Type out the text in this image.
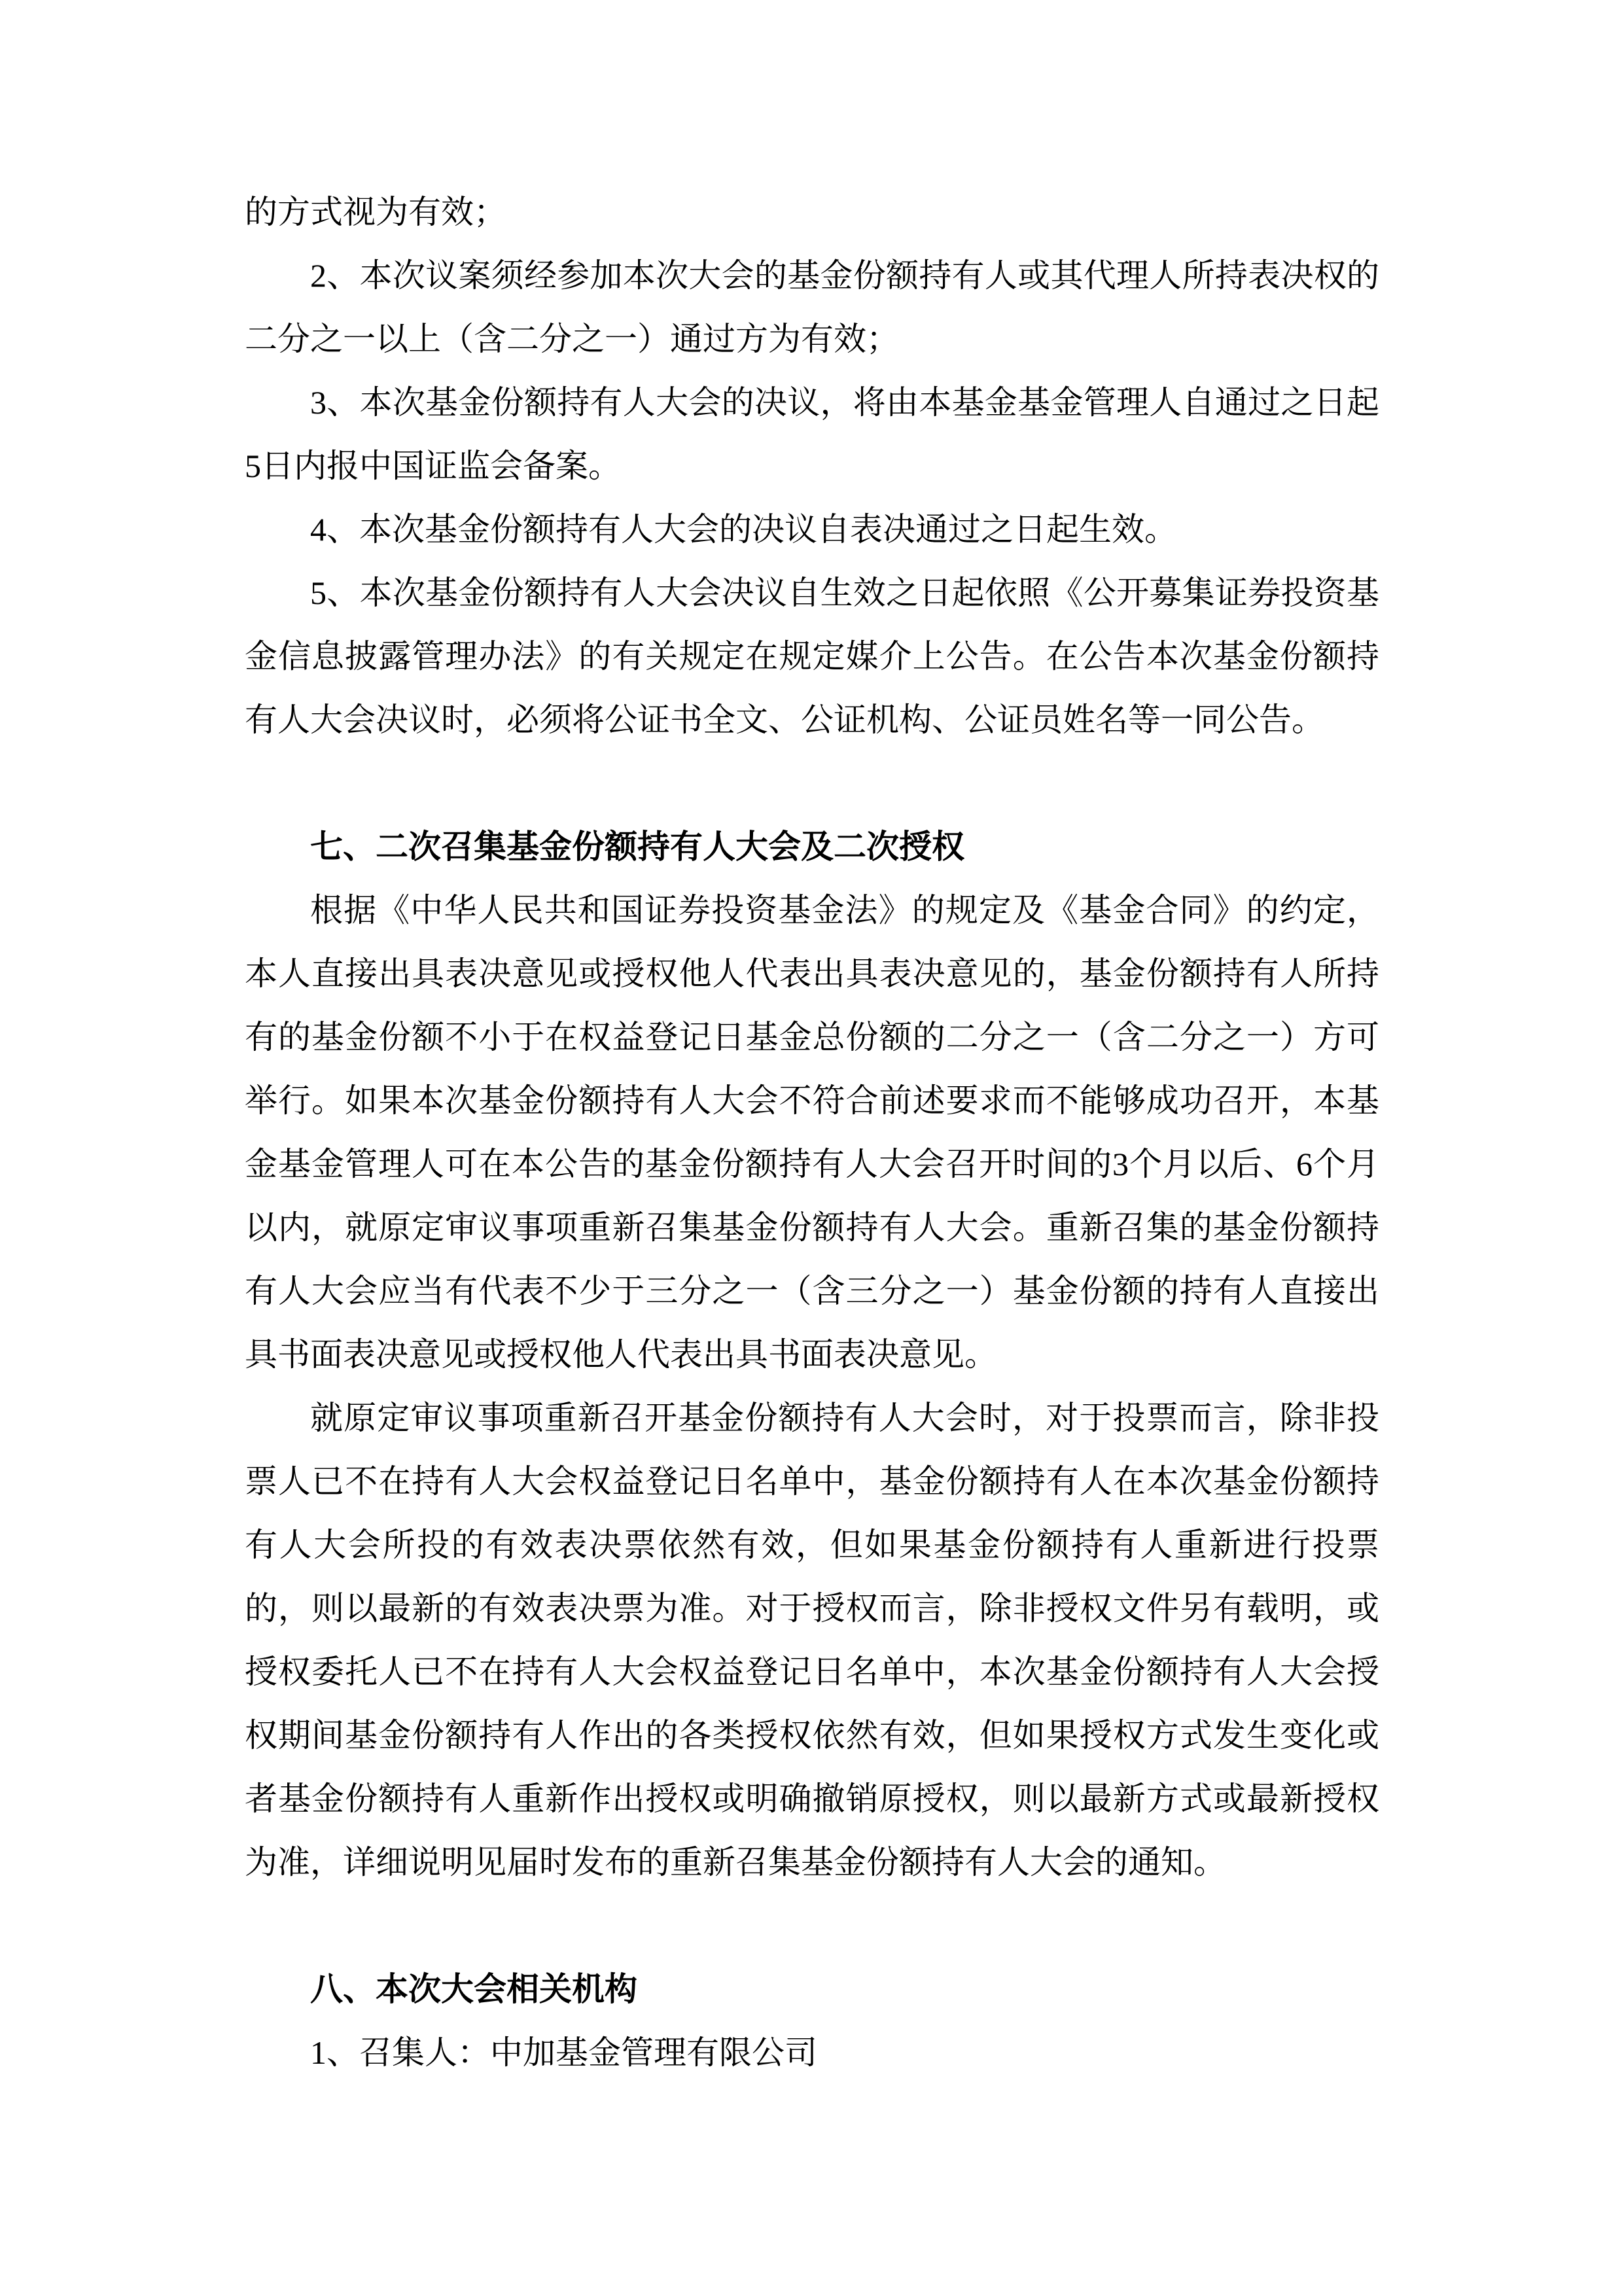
的方式视为有效；

2、本次议案须经参加本次大会的基金份额持有人或其代理人所持表决权的二分之一以上（含二分之一）通过方为有效；

3、本次基金份额持有人大会的决议，将由本基金基金管理人自通过之日起5日内报中国证监会备案。

4、本次基金份额持有人大会的决议自表决通过之日起生效。

5、本次基金份额持有人大会决议自生效之日起依照《公开募集证券投资基金信息披露管理办法》的有关规定在规定媒介上公告。在公告本次基金份额持有人大会决议时，必须将公证书全文、公证机构、公证员姓名等一同公告。

七、二次召集基金份额持有人大会及二次授权

根据《中华人民共和国证券投资基金法》的规定及《基金合同》的约定，本人直接出具表决意见或授权他人代表出具表决意见的，基金份额持有人所持有的基金份额不小于在权益登记日基金总份额的二分之一（含二分之一）方可举行。如果本次基金份额持有人大会不符合前述要求而不能够成功召开，本基金基金管理人可在本公告的基金份额持有人大会召开时间的3个月以后、6个月以内，就原定审议事项重新召集基金份额持有人大会。重新召集的基金份额持有人大会应当有代表不少于三分之一（含三分之一）基金份额的持有人直接出具书面表决意见或授权他人代表出具书面表决意见。

就原定审议事项重新召开基金份额持有人大会时，对于投票而言，除非投票人已不在持有人大会权益登记日名单中，基金份额持有人在本次基金份额持有人大会所投的有效表决票依然有效，但如果基金份额持有人重新进行投票的，则以最新的有效表决票为准。对于授权而言，除非授权文件另有载明，或授权委托人已不在持有人大会权益登记日名单中，本次基金份额持有人大会授权期间基金份额持有人作出的各类授权依然有效，但如果授权方式发生变化或者基金份额持有人重新作出授权或明确撤销原授权，则以最新方式或最新授权为准，详细说明见届时发布的重新召集基金份额持有人大会的通知。

八、本次大会相关机构

1、召集人：中加基金管理有限公司
